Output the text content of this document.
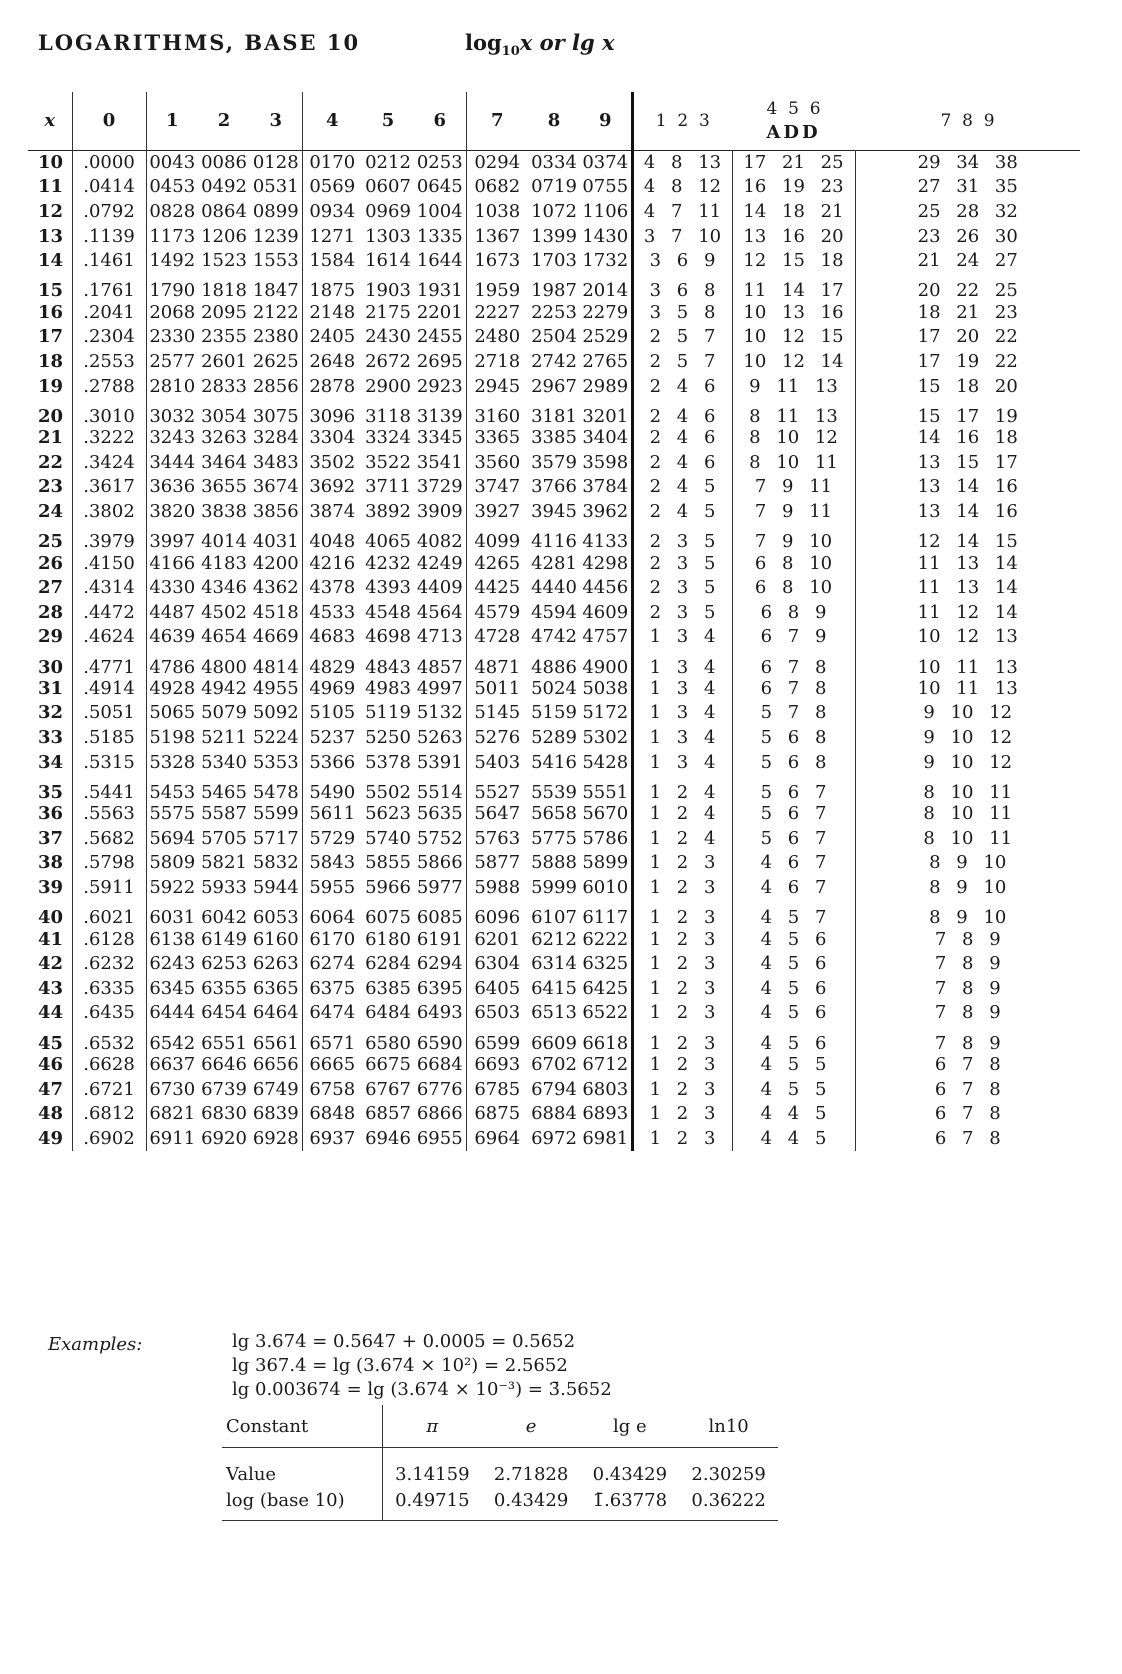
LOGARITHMS, BASE 10	$\log_{10}x$ or lg x
x	0	1	2	3	4	5	6	7	8	9	1 2 3	4 5 6
ADD	7 8 9
10	.0000	0043	0086	0128	0170	0212	0253	0294	0334	0374	4 8 13	17 21 25	29 34 38
11	.0414	0453	0492	0531	0569	0607	0645	0682	0719	0755	4 8 12	16 19 23	27 31 35
12	.0792	0828	0864	0899	0934	0969	1004	1038	1072	1106	4 7 11	14 18 21	25 28 32
13	.1139	1173	1206	1239	1271	1303	1335	1367	1399	1430	3 7 10	13 16 20	23 26 30
14	.1461	1492	1523	1553	1584	1614	1644	1673	1703	1732	3 6 9	12 15 18	21 24 27
15	.1761	1790	1818	1847	1875	1903	1931	1959	1987	2014	3 6 8	11 14 17	20 22 25
16	.2041	2068	2095	2122	2148	2175	2201	2227	2253	2279	3 5 8	10 13 16	18 21 23
17	.2304	2330	2355	2380	2405	2430	2455	2480	2504	2529	2 5 7	10 12 15	17 20 22
18	.2553	2577	2601	2625	2648	2672	2695	2718	2742	2765	2 5 7	10 12 14	17 19 22
19	.2788	2810	2833	2856	2878	2900	2923	2945	2967	2989	2 4 6	9 11 13	15 18 20
20	.3010	3032	3054	3075	3096	3118	3139	3160	3181	3201	2 4 6	8 11 13	15 17 19
21	.3222	3243	3263	3284	3304	3324	3345	3365	3385	3404	2 4 6	8 10 12	14 16 18
22	.3424	3444	3464	3483	3502	3522	3541	3560	3579	3598	2 4 6	8 10 11	13 15 17
23	.3617	3636	3655	3674	3692	3711	3729	3747	3766	3784	2 4 5	7 9 11	13 14 16
24	.3802	3820	3838	3856	3874	3892	3909	3927	3945	3962	2 4 5	7 9 11	13 14 16
25	.3979	3997	4014	4031	4048	4065	4082	4099	4116	4133	2 3 5	7 9 10	12 14 15
26	.4150	4166	4183	4200	4216	4232	4249	4265	4281	4298	2 3 5	6 8 10	11 13 14
27	.4314	4330	4346	4362	4378	4393	4409	4425	4440	4456	2 3 5	6 8 10	11 13 14
28	.4472	4487	4502	4518	4533	4548	4564	4579	4594	4609	2 3 5	6 8 9	11 12 14
29	.4624	4639	4654	4669	4683	4698	4713	4728	4742	4757	1 3 4	6 7 9	10 12 13
30	.4771	4786	4800	4814	4829	4843	4857	4871	4886	4900	1 3 4	6 7 8	10 11 13
31	.4914	4928	4942	4955	4969	4983	4997	5011	5024	5038	1 3 4	6 7 8	10 11 13
32	.5051	5065	5079	5092	5105	5119	5132	5145	5159	5172	1 3 4	5 7 8	9 10 12
33	.5185	5198	5211	5224	5237	5250	5263	5276	5289	5302	1 3 4	5 6 8	9 10 12
34	.5315	5328	5340	5353	5366	5378	5391	5403	5416	5428	1 3 4	5 6 8	9 10 12
35	.5441	5453	5465	5478	5490	5502	5514	5527	5539	5551	1 2 4	5 6 7	8 10 11
36	.5563	5575	5587	5599	5611	5623	5635	5647	5658	5670	1 2 4	5 6 7	8 10 11
37	.5682	5694	5705	5717	5729	5740	5752	5763	5775	5786	1 2 4	5 6 7	8 10 11
38	.5798	5809	5821	5832	5843	5855	5866	5877	5888	5899	1 2 3	4 6 7	8 9 10
39	.5911	5922	5933	5944	5955	5966	5977	5988	5999	6010	1 2 3	4 6 7	8 9 10
40	.6021	6031	6042	6053	6064	6075	6085	6096	6107	6117	1 2 3	4 5 7	8 9 10
41	.6128	6138	6149	6160	6170	6180	6191	6201	6212	6222	1 2 3	4 5 6	7 8 9
42	.6232	6243	6253	6263	6274	6284	6294	6304	6314	6325	1 2 3	4 5 6	7 8 9
43	.6335	6345	6355	6365	6375	6385	6395	6405	6415	6425	1 2 3	4 5 6	7 8 9
44	.6435	6444	6454	6464	6474	6484	6493	6503	6513	6522	1 2 3	4 5 6	7 8 9
45	.6532	6542	6551	6561	6571	6580	6590	6599	6609	6618	1 2 3	4 5 6	7 8 9
46	.6628	6637	6646	6656	6665	6675	6684	6693	6702	6712	1 2 3	4 5 5	6 7 8
47	.6721	6730	6739	6749	6758	6767	6776	6785	6794	6803	1 2 3	4 5 5	6 7 8
48	.6812	6821	6830	6839	6848	6857	6866	6875	6884	6893	1 2 3	4 4 5	6 7 8
49	.6902	6911	6920	6928	6937	6946	6955	6964	6972	6981	1 2 3	4 4 5	6 7 8
Examples:	lg 3.674 = 0.5647 + 0.0005 = 0.5652
lg 367.4 = lg (3.674 × 10²) = 2.5652
lg 0.003674 = lg (3.674 × 10⁻³) = 3̄.5652
Constant	π	e	lg e	ln10
Value	3.14159	2.71828	0.43429	2.30259
log (base 10)	0.49715	0.43429	1̄.63778	0.36222
